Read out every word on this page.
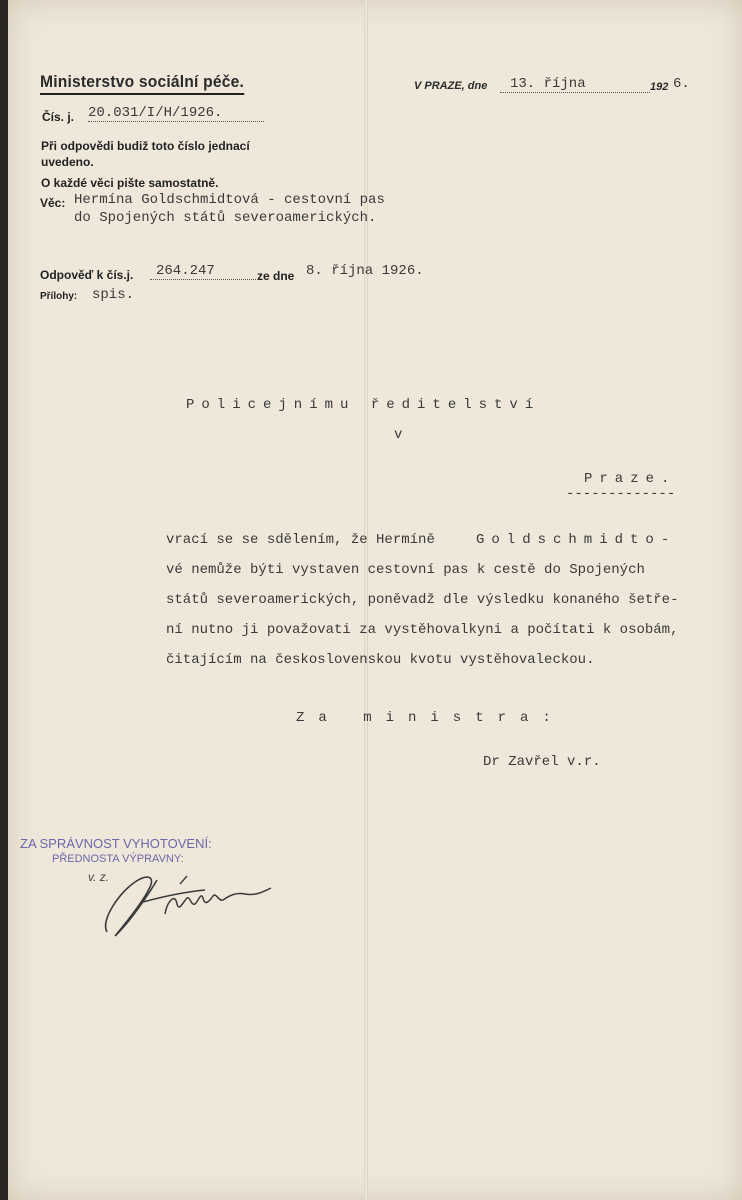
Ministerstvo sociální péče.	V PRAZE, dne	13. října	192 6.
Čís. j. 20.031/I/H/1926.
Při odpovědi budiž toto číslo jednací
uvedeno.
O každé věci pište samostatně.
Věc: Hermína Goldschmidtová - cestovní pas
do Spojených států severoamerických.
Odpověď k čís.j.	264.247	ze dne 8. října 1926.
Přílohy: spis.
Policejnímu ředitelství
v
Praze.
-------------
vrací se se sdělením, že Hermíně	Goldschmidto-
vé nemůže býti vystaven cestovní pas k cestě do Spojených
států severoamerických, poněvadž dle výsledku konaného šetře-
ní nutno ji považovati za vystěhovalkyni a počítati k osobám,
čitajícím na československou kvotu vystěhovaleckou.
Za ministra:
Dr Zavřel v.r.
ZA SPRÁVNOST VYHOTOVENÍ:
PŘEDNOSTA VÝPRAVNY:
v. z.
